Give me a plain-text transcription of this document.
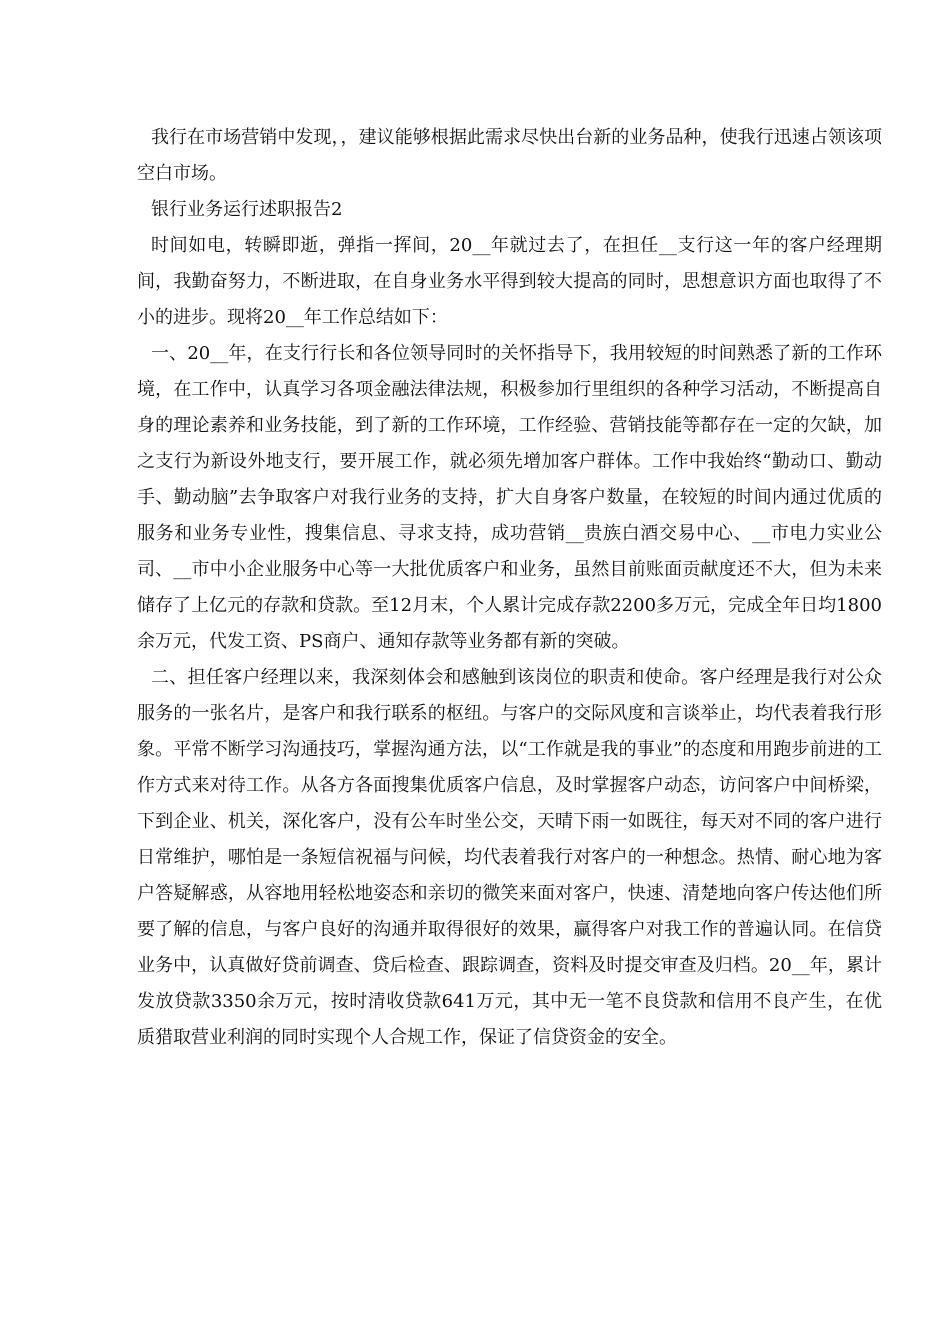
我行在市场营销中发现，，建议能够根据此需求尽快出台新的业务品种，使我行迅速占领该项空白市场。

银行业务运行述职报告2

时间如电，转瞬即逝，弹指一挥间，20__年就过去了，在担任__支行这一年的客户经理期间，我勤奋努力，不断进取，在自身业务水平得到较大提高的同时，思想意识方面也取得了不小的进步。现将20__年工作总结如下：

一、20__年，在支行行长和各位领导同时的关怀指导下，我用较短的时间熟悉了新的工作环境，在工作中，认真学习各项金融法律法规，积极参加行里组织的各种学习活动，不断提高自身的理论素养和业务技能，到了新的工作环境，工作经验、营销技能等都存在一定的欠缺，加之支行为新设外地支行，要开展工作，就必须先增加客户群体。工作中我始终“勤动口、勤动手、勤动脑”去争取客户对我行业务的支持，扩大自身客户数量，在较短的时间内通过优质的服务和业务专业性，搜集信息、寻求支持，成功营销__贵族白酒交易中心、__市电力实业公司、__市中小企业服务中心等一大批优质客户和业务，虽然目前账面贡献度还不大，但为未来储存了上亿元的存款和贷款。至12月末，个人累计完成存款2200多万元，完成全年日均1800余万元，代发工资、PS商户、通知存款等业务都有新的突破。

二、担任客户经理以来，我深刻体会和感触到该岗位的职责和使命。客户经理是我行对公众服务的一张名片，是客户和我行联系的枢纽。与客户的交际风度和言谈举止，均代表着我行形象。平常不断学习沟通技巧，掌握沟通方法，以“工作就是我的事业”的态度和用跑步前进的工作方式来对待工作。从各方各面搜集优质客户信息，及时掌握客户动态，访问客户中间桥梁，下到企业、机关，深化客户，没有公车时坐公交，天晴下雨一如既往，每天对不同的客户进行日常维护，哪怕是一条短信祝福与问候，均代表着我行对客户的一种想念。热情、耐心地为客户答疑解惑，从容地用轻松地姿态和亲切的微笑来面对客户，快速、清楚地向客户传达他们所要了解的信息，与客户良好的沟通并取得很好的效果，赢得客户对我工作的普遍认同。在信贷业务中，认真做好贷前调查、贷后检查、跟踪调查，资料及时提交审查及归档。20__年，累计发放贷款3350余万元，按时清收贷款641万元，其中无一笔不良贷款和信用不良产生，在优质猎取营业利润的同时实现个人合规工作，保证了信贷资金的安全。
